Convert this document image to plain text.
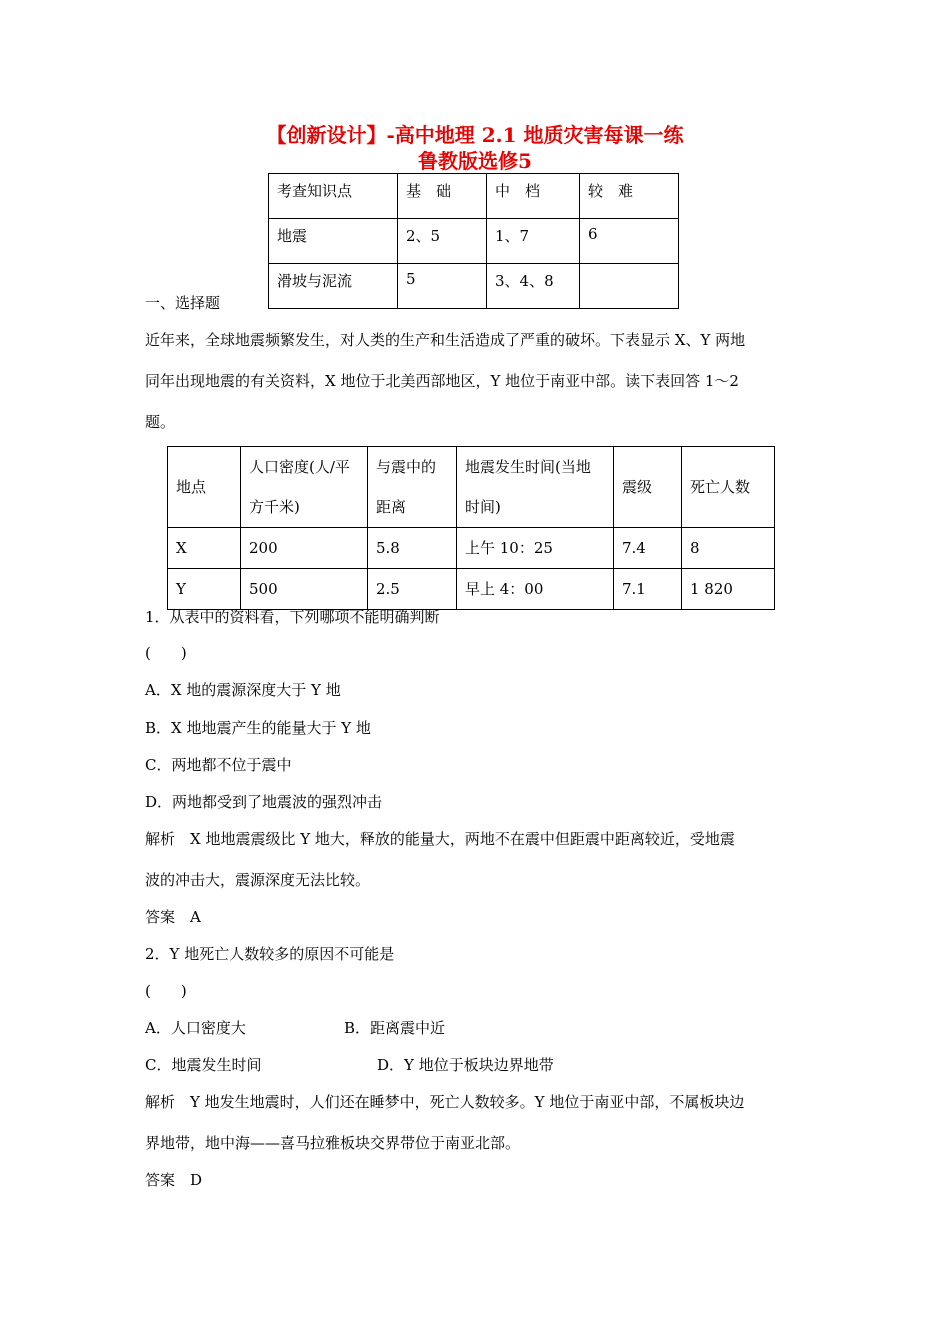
【创新设计】-高中地理 2.1 地质灾害每课一练
鲁教版选修5
考查知识点	基　础	中　档	较　难
地震	2、5	1、7	6
滑坡与泥流	5	3、4、8	
一、选择题
近年来，全球地震频繁发生，对人类的生产和生活造成了严重的破坏。下表显示 X、Y 两地
同年出现地震的有关资料，X 地位于北美西部地区，Y 地位于南亚中部。读下表回答 1～2
题。
地点	人口密度(人/平方千米)	与震中的距离	地震发生时间(当地时间)	震级	死亡人数
X	200	5.8	上午 10：25	7.4	8
Y	500	2.5	早上 4：00	7.1	1 820
1．从表中的资料看，下列哪项不能明确判断
(　　)
A．X 地的震源深度大于 Y 地
B．X 地地震产生的能量大于 Y 地
C．两地都不位于震中
D．两地都受到了地震波的强烈冲击
解析　X 地地震震级比 Y 地大，释放的能量大，两地不在震中但距震中距离较近，受地震
波的冲击大，震源深度无法比较。
答案　A
2．Y 地死亡人数较多的原因不可能是
(　　)
A．人口密度大	B．距离震中近
C．地震发生时间	D．Y 地位于板块边界地带
解析　Y 地发生地震时，人们还在睡梦中，死亡人数较多。Y 地位于南亚中部，不属板块边
界地带，地中海——喜马拉雅板块交界带位于南亚北部。
答案　D
